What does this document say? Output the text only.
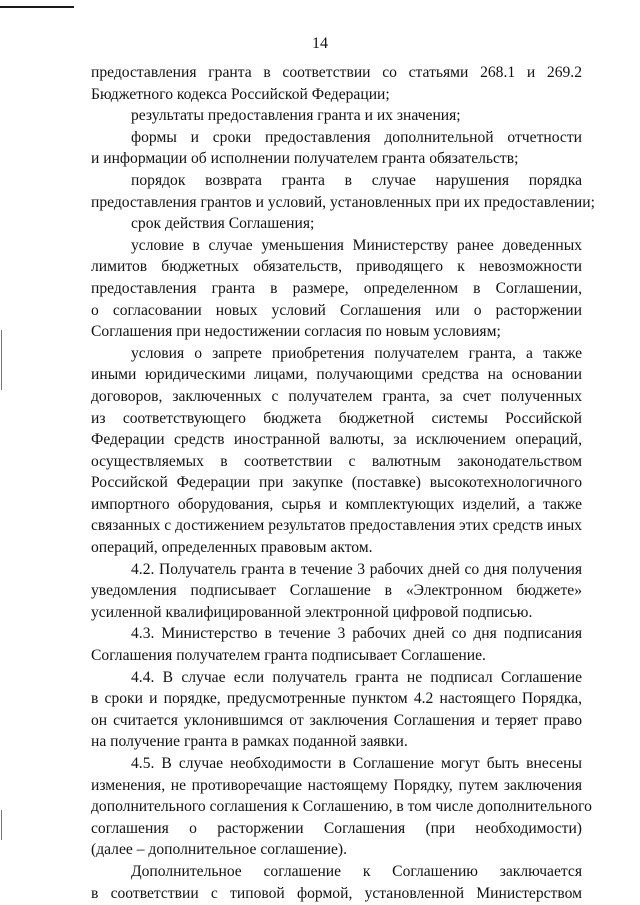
14
предоставления гранта в соответствии со статьями 268.1 и 269.2
Бюджетного кодекса Российской Федерации;
результаты предоставления гранта и их значения;
формы и сроки предоставления дополнительной отчетности
и информации об исполнении получателем гранта обязательств;
порядок возврата гранта в случае нарушения порядка
предоставления грантов и условий, установленных при их предоставлении;
срок действия Соглашения;
условие в случае уменьшения Министерству ранее доведенных
лимитов бюджетных обязательств, приводящего к невозможности
предоставления гранта в размере, определенном в Соглашении,
о согласовании новых условий Соглашения или о расторжении
Соглашения при недостижении согласия по новым условиям;
условия о запрете приобретения получателем гранта, а также
иными юридическими лицами, получающими средства на основании
договоров, заключенных с получателем гранта, за счет полученных
из соответствующего бюджета бюджетной системы Российской
Федерации средств иностранной валюты, за исключением операций,
осуществляемых в соответствии с валютным законодательством
Российской Федерации при закупке (поставке) высокотехнологичного
импортного оборудования, сырья и комплектующих изделий, а также
связанных с достижением результатов предоставления этих средств иных
операций, определенных правовым актом.
4.2. Получатель гранта в течение 3 рабочих дней со дня получения
уведомления подписывает Соглашение в «Электронном бюджете»
усиленной квалифицированной электронной цифровой подписью.
4.3. Министерство в течение 3 рабочих дней со дня подписания
Соглашения получателем гранта подписывает Соглашение.
4.4. В случае если получатель гранта не подписал Соглашение
в сроки и порядке, предусмотренные пунктом 4.2 настоящего Порядка,
он считается уклонившимся от заключения Соглашения и теряет право
на получение гранта в рамках поданной заявки.
4.5. В случае необходимости в Соглашение могут быть внесены
изменения, не противоречащие настоящему Порядку, путем заключения
дополнительного соглашения к Соглашению, в том числе дополнительного
соглашения о расторжении Соглашения (при необходимости)
(далее – дополнительное соглашение).
Дополнительное соглашение к Соглашению заключается
в соответствии с типовой формой, установленной Министерством
